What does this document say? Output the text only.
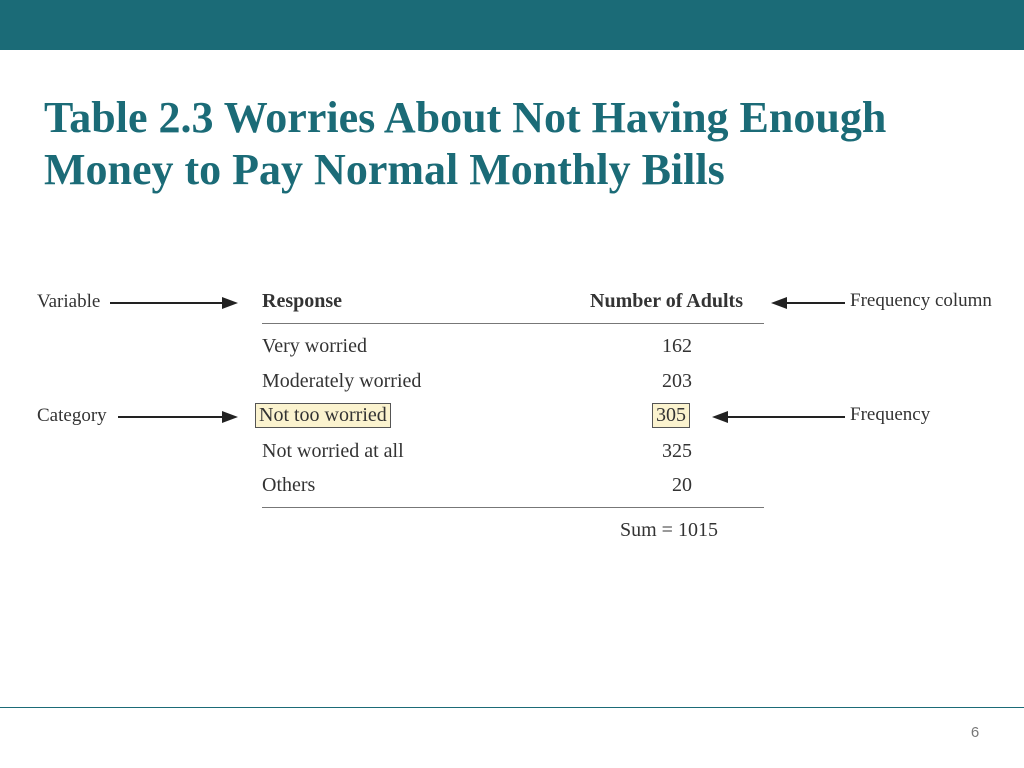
Table 2.3 Worries About Not Having Enough
Money to Pay Normal Monthly Bills
Variable
Category
Frequency column
Frequency
Response	Number of Adults
Very worried	162
Moderately worried	203
Not too worried	305
Not worried at all	325
Others	20
Sum = 1015
6
